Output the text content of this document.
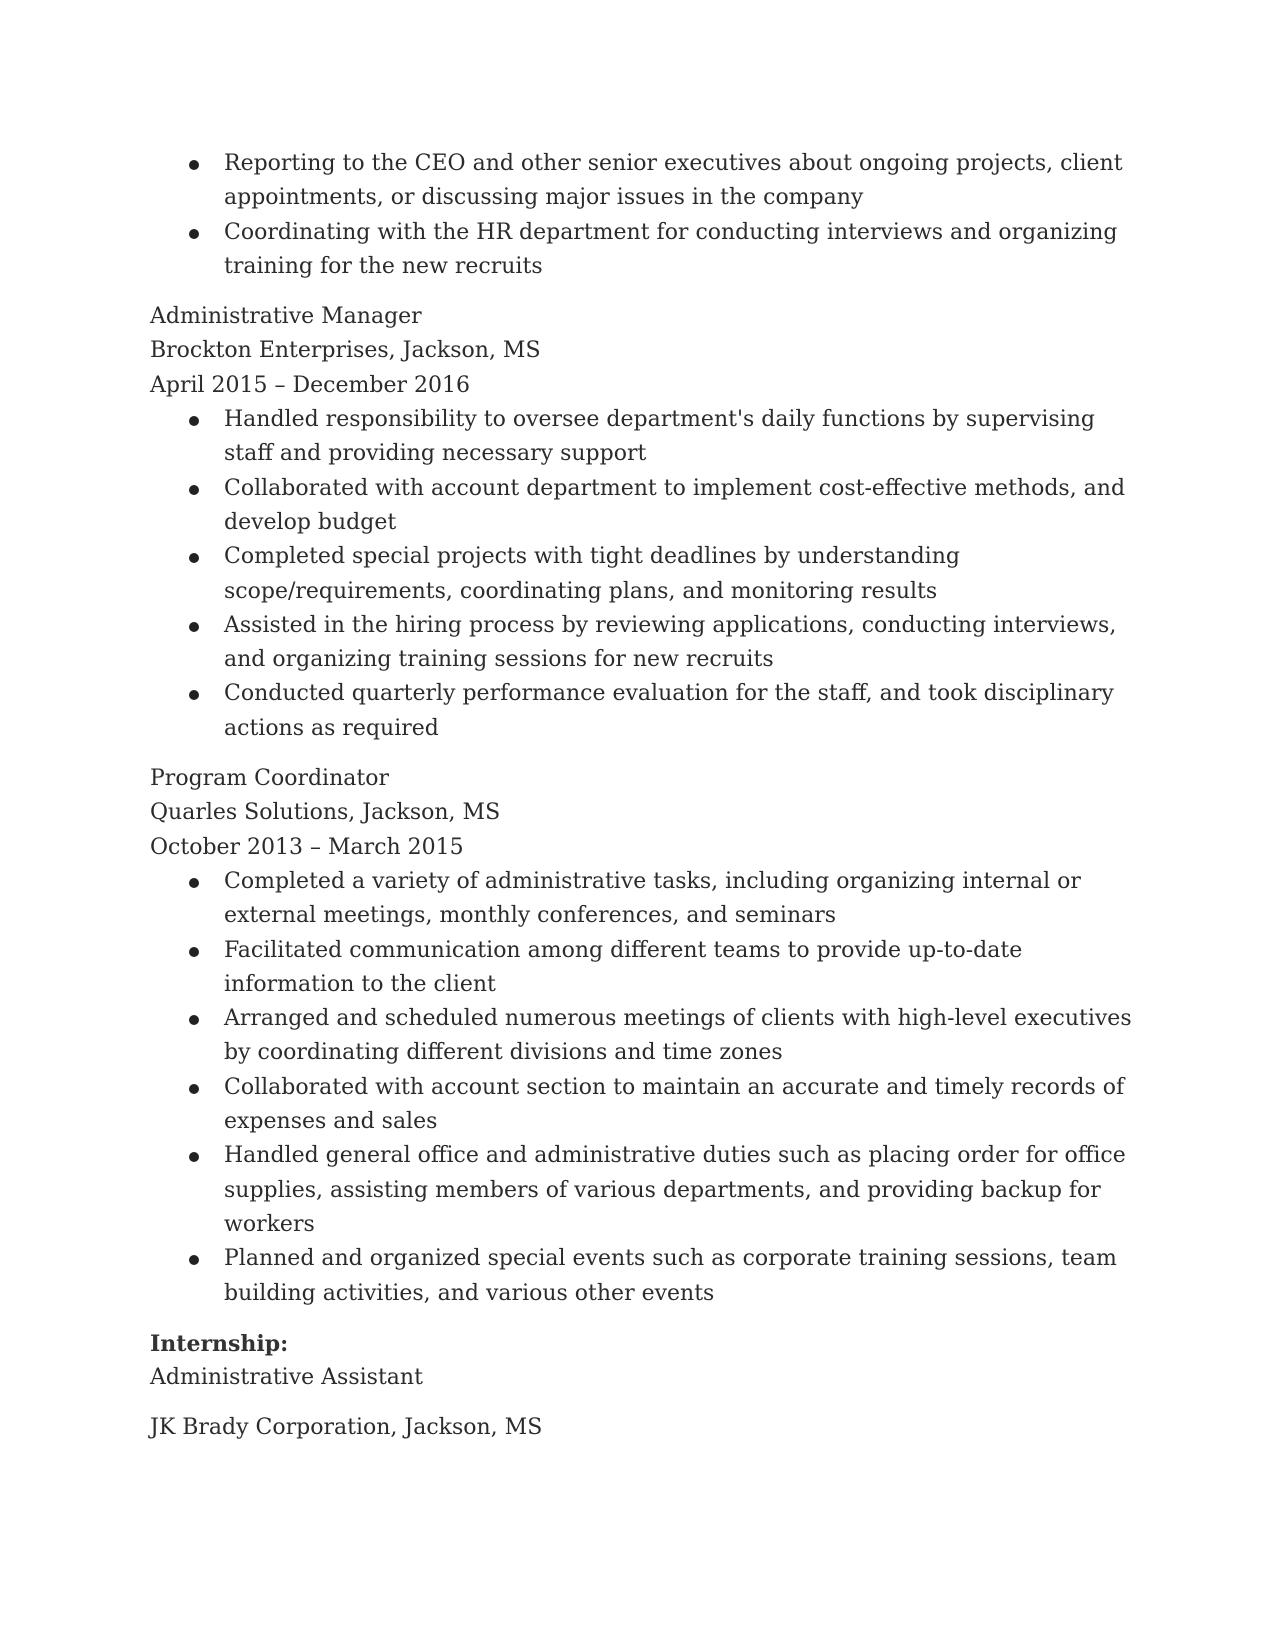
Reporting to the CEO and other senior executives about ongoing projects, client
appointments, or discussing major issues in the company
Coordinating with the HR department for conducting interviews and organizing
training for the new recruits
Administrative Manager
Brockton Enterprises, Jackson, MS
April 2015 – December 2016
Handled responsibility to oversee department's daily functions by supervising
staff and providing necessary support
Collaborated with account department to implement cost-effective methods, and
develop budget
Completed special projects with tight deadlines by understanding
scope/requirements, coordinating plans, and monitoring results
Assisted in the hiring process by reviewing applications, conducting interviews,
and organizing training sessions for new recruits
Conducted quarterly performance evaluation for the staff, and took disciplinary
actions as required
Program Coordinator
Quarles Solutions, Jackson, MS
October 2013 – March 2015
Completed a variety of administrative tasks, including organizing internal or
external meetings, monthly conferences, and seminars
Facilitated communication among different teams to provide up-to-date
information to the client
Arranged and scheduled numerous meetings of clients with high-level executives
by coordinating different divisions and time zones
Collaborated with account section to maintain an accurate and timely records of
expenses and sales
Handled general office and administrative duties such as placing order for office
supplies, assisting members of various departments, and providing backup for
workers
Planned and organized special events such as corporate training sessions, team
building activities, and various other events
Internship:
Administrative Assistant
JK Brady Corporation, Jackson, MS
